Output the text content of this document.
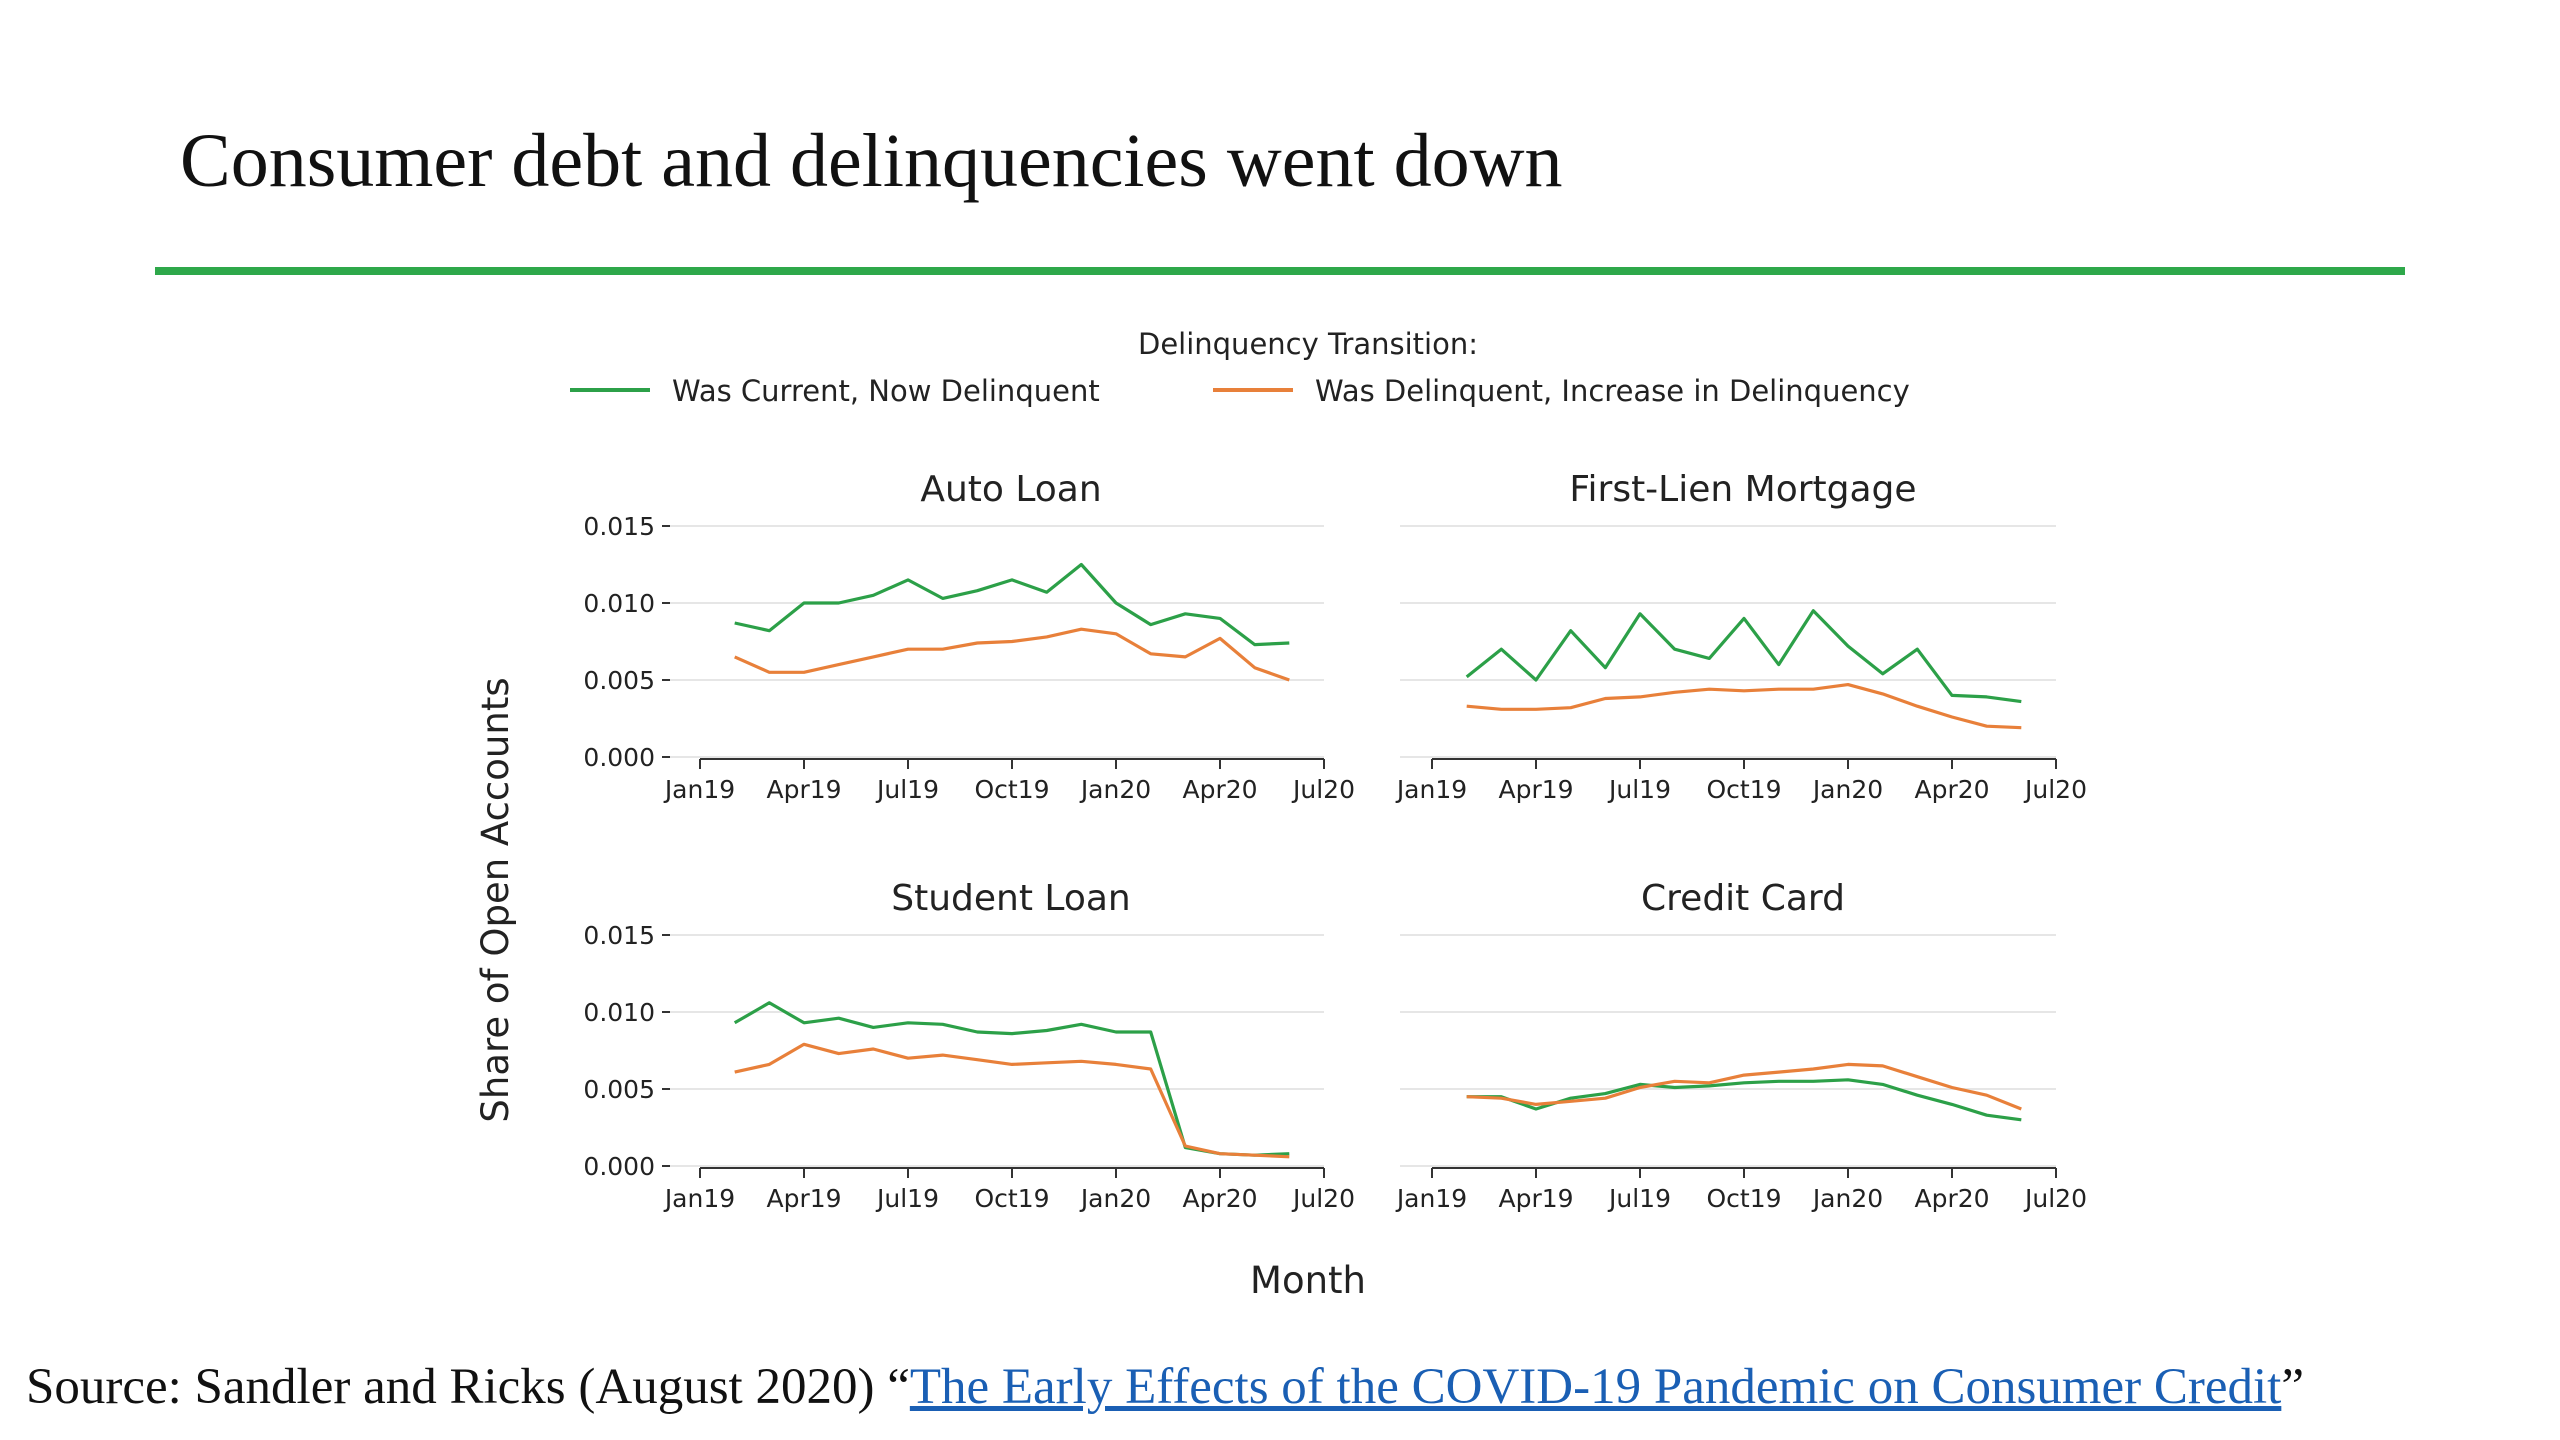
Consumer debt and delinquencies went down
Delinquency Transition:
Was Current, Now Delinquent	Was Delinquent, Increase in Delinquency
Share of Open Accounts
Month
0.000
0.005
0.010
0.015
Jan19 Apr19 Jul19 Oct19 Jan20 Apr20 Jul20
Auto Loan
Jan19 Apr19 Jul19 Oct19 Jan20 Apr20 Jul20
First-Lien Mortgage
0.000
0.005
0.010
0.015
Jan19 Apr19 Jul19 Oct19 Jan20 Apr20 Jul20
Student Loan
Jan19 Apr19 Jul19 Oct19 Jan20 Apr20 Jul20
Credit Card
Source: Sandler and Ricks (August 2020) “The Early Effects of the COVID-19 Pandemic on Consumer Credit”
